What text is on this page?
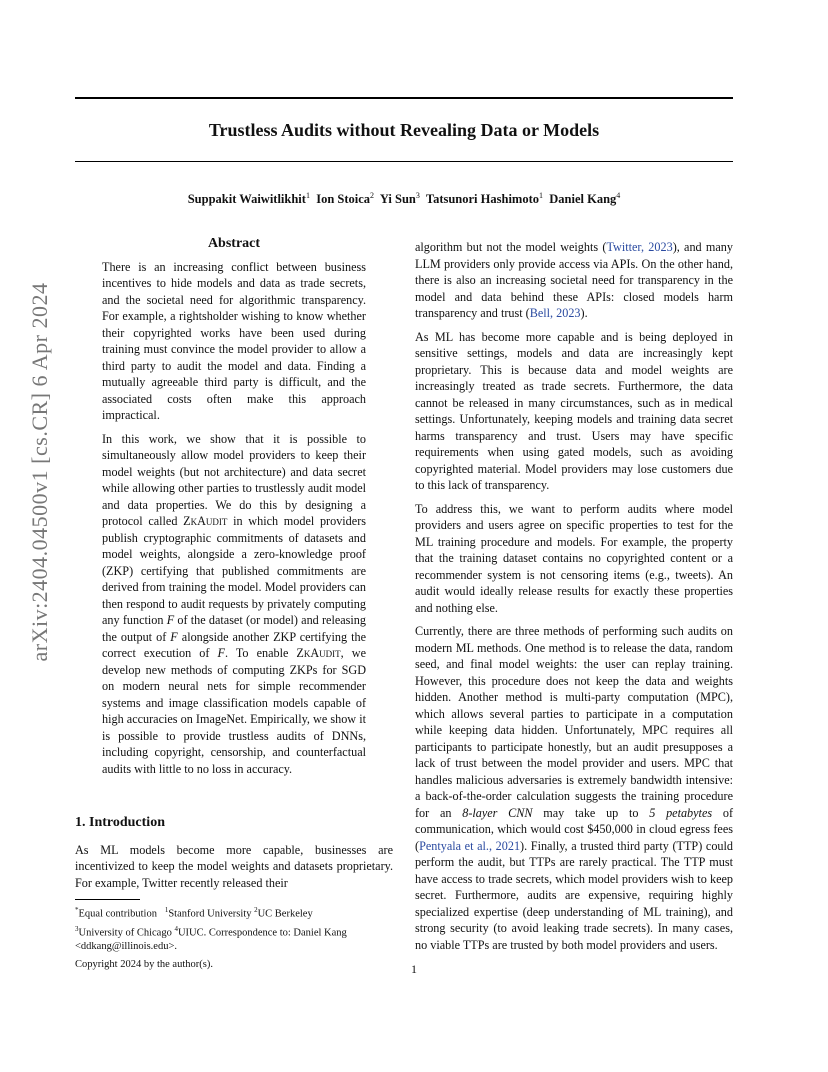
arXiv:2404.04500v1 [cs.CR] 6 Apr 2024
Trustless Audits without Revealing Data or Models
Suppakit Waiwitlikhit$^1$ Ion Stoica$^2$ Yi Sun$^3$ Tatsunori Hashimoto$^1$ Daniel Kang$^4$
Abstract

There is an increasing conflict between business incentives to hide models and data as trade secrets, and the societal need for algorithmic transparency. For example, a rightsholder wishing to know whether their copyrighted works have been used during training must convince the model provider to allow a third party to audit the model and data. Finding a mutually agreeable third party is difficult, and the associated costs often make this approach impractical.

In this work, we show that it is possible to simultaneously allow model providers to keep their model weights (but not architecture) and data secret while allowing other parties to trustlessly audit model and data properties. We do this by designing a protocol called ZkAudit in which model providers publish cryptographic commitments of datasets and model weights, alongside a zero-knowledge proof (ZKP) certifying that published commitments are derived from training the model. Model providers can then respond to audit requests by privately computing any function F of the dataset (or model) and releasing the output of F alongside another ZKP certifying the correct execution of F. To enable ZkAudit, we develop new methods of computing ZKPs for SGD on modern neural nets for simple recommender systems and image classification models capable of high accuracies on ImageNet. Empirically, we show it is possible to provide trustless audits of DNNs, including copyright, censorship, and counterfactual audits with little to no loss in accuracy.

1. Introduction
As ML models become more capable, businesses are incentivized to keep the model weights and datasets proprietary. For example, Twitter recently released their
*Equal contribution $^1$Stanford University $^2$UC Berkeley
$^3$University of Chicago $^4$UIUC. Correspondence to: Daniel Kang
<ddkang@illinois.edu>.
Copyright 2024 by the author(s).

algorithm but not the model weights (Twitter, 2023), and many LLM providers only provide access via APIs. On the other hand, there is also an increasing societal need for transparency in the model and data behind these APIs: closed models harm transparency and trust (Bell, 2023).

As ML has become more capable and is being deployed in sensitive settings, models and data are increasingly kept proprietary. This is because data and model weights are increasingly treated as trade secrets. Furthermore, the data cannot be released in many circumstances, such as in medical settings. Unfortunately, keeping models and training data secret harms transparency and trust. Users may have specific requirements when using gated models, such as avoiding copyrighted material. Model providers may lose customers due to this lack of transparency.

To address this, we want to perform audits where model providers and users agree on specific properties to test for the ML training procedure and models. For example, the property that the training dataset contains no copyrighted content or a recommender system is not censoring items (e.g., tweets). An audit would ideally release results for exactly these properties and nothing else.

Currently, there are three methods of performing such audits on modern ML methods. One method is to release the data, random seed, and final model weights: the user can replay training. However, this procedure does not keep the data and weights hidden. Another method is multi-party computation (MPC), which allows several parties to participate in a computation while keeping data hidden. Unfortunately, MPC requires all participants to participate honestly, but an audit presupposes a lack of trust between the model provider and users. MPC that handles malicious adversaries is extremely bandwidth intensive: a back-of-the-order calculation suggests the training procedure for an 8-layer CNN may take up to 5 petabytes of communication, which would cost $450,000 in cloud egress fees (Pentyala et al., 2021). Finally, a trusted third party (TTP) could perform the audit, but TTPs are rarely practical. The TTP must have access to trade secrets, which model providers wish to keep secret. Furthermore, audits are expensive, requiring highly specialized expertise (deep understanding of ML training), and strong security (to avoid leaking trade secrets). In many cases, no viable TTPs are trusted by both model providers and users.

1
